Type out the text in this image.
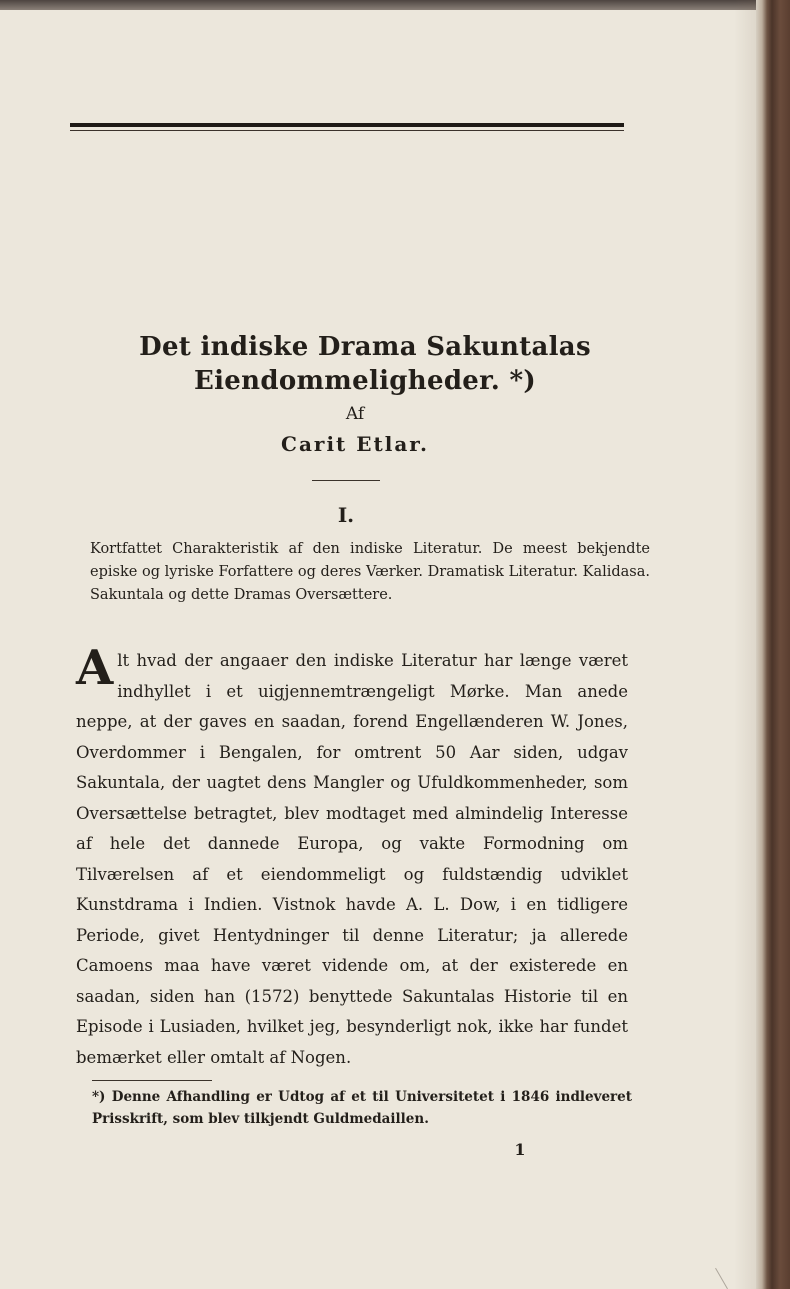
Det indiske Drama Sakuntalas Eiendommeligheder. *)
Af
Carit Etlar.
I.
Kortfattet Charakteristik af den indiske Literatur. De meest bekjendte episke og lyriske Forfattere og deres Værker. Dramatisk Literatur. Kalidasa. Sakuntala og dette Dramas Oversættere.

Alt hvad der angaaer den indiske Literatur har længe været indhyllet i et uigjennemtrængeligt Mørke. Man anede neppe, at der gaves en saadan, forend Engellænderen W. Jones, Overdommer i Bengalen, for omtrent 50 Aar siden, udgav Sakuntala, der uagtet dens Mangler og Ufuldkommenheder, som Oversættelse betragtet, blev modtaget med almindelig Interesse af hele det dannede Europa, og vakte Formodning om Tilværelsen af et eiendommeligt og fuldstændig udviklet Kunstdrama i Indien. Vistnok havde A. L. Dow, i en tidligere Periode, givet Hentydninger til denne Literatur; ja allerede Camoens maa have været vidende om, at der existerede en saadan, siden han (1572) benyttede Sakuntalas Historie til en Episode i Lusiaden, hvilket jeg, besynderligt nok, ikke har fundet bemærket eller omtalt af Nogen.

*) Denne Afhandling er Udtog af et til Universitetet i 1846 indleveret Prisskrift, som blev tilkjendt Guldmedaillen.
1
